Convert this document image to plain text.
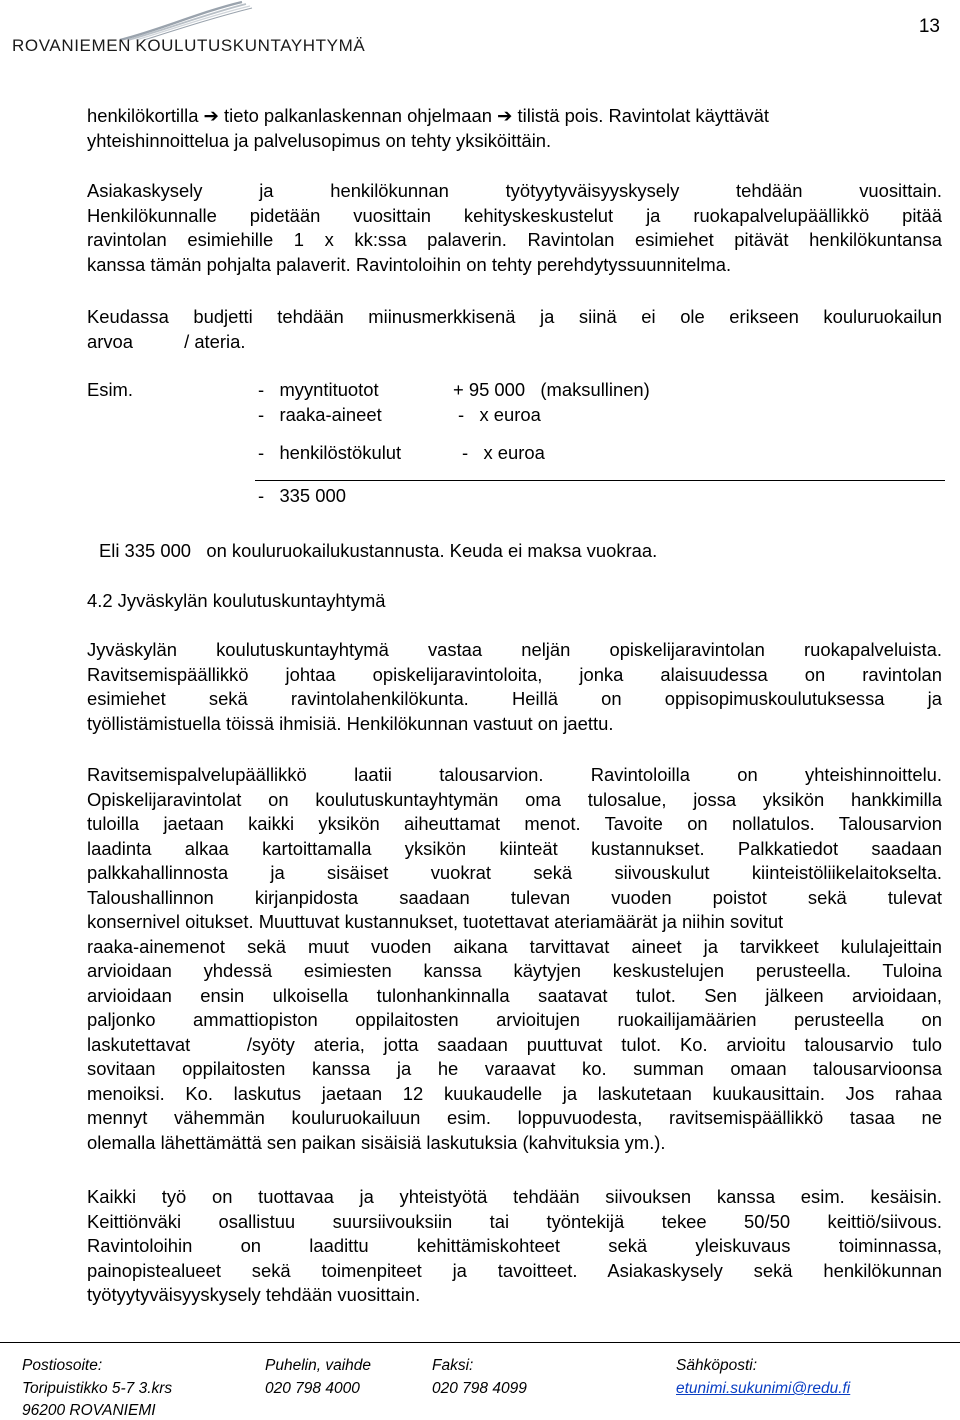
ROVANIEMEN KOULUTUSKUNTAYHTYMÄ
13
henkilökortilla ➔ tieto palkanlaskennan ohjelmaan ➔ tilistä pois. Ravintolat käyttävät
yhteishinnoittelua ja palvelusopimus on tehty yksiköittäin.
Asiakaskysely ja henkilökunnan työtyytyväisyyskysely tehdään vuosittain.
Henkilökunnalle pidetään vuosittain kehityskeskustelut ja ruokapalvelupäällikkö pitää
ravintolan esimiehille 1 x kk:ssa palaverin. Ravintolan esimiehet pitävät henkilökuntansa
kanssa tämän pohjalta palaverit. Ravintoloihin on tehty perehdytyssuunnitelma.
Keudassa budjetti tehdään miinusmerkkisenä ja siinä ei ole erikseen kouluruokailun
arvoa          / ateria.
Esim.	-   myyntituotot	+ 95 000   (maksullinen)
-   raaka-aineet	-   x euroa
-   henkilöstökulut	-   x euroa
-   335 000
Eli 335 000   on kouluruokailukustannusta. Keuda ei maksa vuokraa.
4.2 Jyväskylän koulutuskuntayhtymä
Jyväskylän koulutuskuntayhtymä vastaa neljän opiskelijaravintolan ruokapalveluista.
Ravitsemispäällikkö johtaa opiskelijaravintoloita, jonka alaisuudessa on ravintolan
esimiehet sekä ravintolahenkilökunta. Heillä on oppisopimuskoulutuksessa ja
työllistämistuella töissä ihmisiä. Henkilökunnan vastuut on jaettu.
Ravitsemispalvelupäällikkö laatii talousarvion. Ravintoloilla on yhteishinnoittelu.
Opiskelijaravintolat on koulutuskuntayhtymän oma tulosalue, jossa yksikön hankkimilla
tuloilla jaetaan kaikki yksikön aiheuttamat menot. Tavoite on nollatulos. Talousarvion
laadinta alkaa kartoittamalla yksikön kiinteät kustannukset. Palkkatiedot saadaan
palkkahallinnosta ja sisäiset vuokrat sekä siivouskulut kiinteistöliikelaitokselta.
Taloushallinnon kirjanpidosta saadaan tulevan vuoden poistot sekä tulevat
konsernivel oitukset. Muuttuvat kustannukset, tuotettavat ateriamäärät ja niihin sovitut
raaka-ainemenot sekä muut vuoden aikana tarvittavat aineet ja tarvikkeet kululajeittain
arvioidaan yhdessä esimiesten kanssa käytyjen keskustelujen perusteella. Tuloina
arvioidaan ensin ulkoisella tulonhankinnalla saatavat tulot. Sen jälkeen arvioidaan,
paljonko ammattiopiston oppilaitosten arvioitujen ruokailijamäärien perusteella on
laskutettavat   /syöty ateria, jotta saadaan puuttuvat tulot. Ko. arvioitu talousarvio tulo
sovitaan oppilaitosten kanssa ja he varaavat ko. summan omaan talousarvioonsa
menoiksi. Ko. laskutus jaetaan 12 kuukaudelle ja laskutetaan kuukausittain. Jos rahaa
mennyt vähemmän kouluruokailuun esim. loppuvuodesta, ravitsemispäällikkö tasaa ne
olemalla lähettämättä sen paikan sisäisiä laskutuksia (kahvituksia ym.).
Kaikki työ on tuottavaa ja yhteistyötä tehdään siivouksen kanssa esim. kesäisin.
Keittiönväki osallistuu suursiivouksiin tai työntekijä tekee 50/50 keittiö/siivous.
Ravintoloihin on laadittu kehittämiskohteet sekä yleiskuvaus toiminnassa,
painopistealueet sekä toimenpiteet ja tavoitteet. Asiakaskysely sekä henkilökunnan
työtyytyväisyyskysely tehdään vuosittain.
Postiosoite:
Toripuistikko 5-7 3.krs
96200 ROVANIEMI
Puhelin, vaihde
020 798 4000
Faksi:
020 798 4099
Sähköposti:
etunimi.sukunimi@redu.fi
